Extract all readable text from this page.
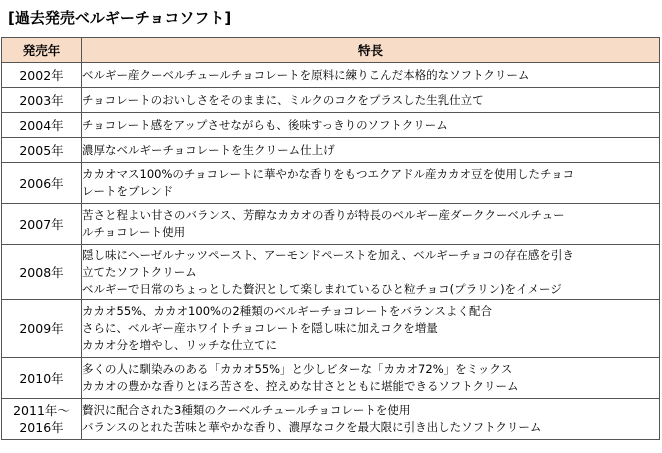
[過去発売ベルギーチョコソフト]
発売年	特長

2002年	ベルギー産クーベルチュールチョコレートを原料に練りこんだ本格的なソフトクリーム

2003年	チョコレートのおいしさをそのままに、ミルクのコクをプラスした生乳仕立て

2004年	チョコレート感をアップさせながらも、後味すっきりのソフトクリーム

2005年	濃厚なベルギーチョコレートを生クリーム仕上げ

2006年	カカオマス100%のチョコレートに華やかな香りをもつエクアドル産カカオ豆を使用したチョコ
レートをブレンド

2007年	苦さと程よい甘さのバランス、芳醇なカカオの香りが特長のベルギー産ダーククーベルチュー
ルチョコレート使用

2008年	隠し味にヘーゼルナッツペースト、アーモンドペーストを加え、ベルギーチョコの存在感を引き
立てたソフトクリーム
ベルギーで日常のちょっとした贅沢として楽しまれているひと粒チョコ(プラリン)をイメージ

2009年	カカオ55%、カカオ100%の2種類のベルギーチョコレートをバランスよく配合
さらに、ベルギー産ホワイトチョコレートを隠し味に加えコクを増量
カカオ分を増やし、リッチな仕立てに

2010年	多くの人に馴染みのある「カカオ55%」と少しビターな「カカオ72%」をミックス
カカオの豊かな香りとほろ苦さを、控えめな甘さとともに堪能できるソフトクリーム

2011年〜
2016年	贅沢に配合された3種類のクーベルチュールチョコレートを使用
バランスのとれた苦味と華やかな香り、濃厚なコクを最大限に引き出したソフトクリーム
